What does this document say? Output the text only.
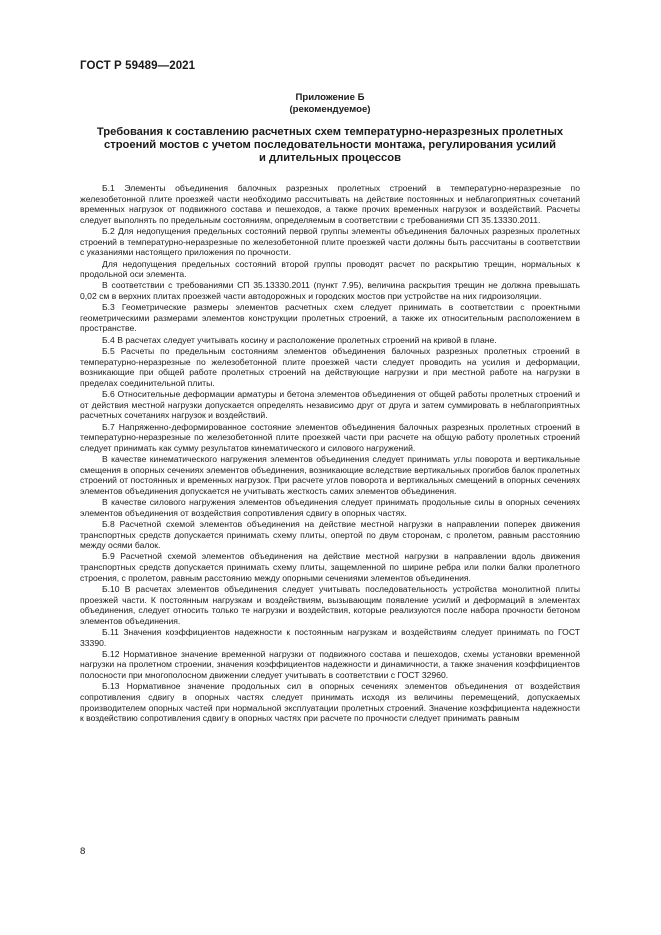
ГОСТ Р 59489—2021
Приложение Б
(рекомендуемое)
Требования к составлению расчетных схем температурно-неразрезных пролетных
строений мостов с учетом последовательности монтажа, регулирования усилий
и длительных процессов

Б.1 Элементы объединения балочных разрезных пролетных строений в температурно-неразрезные по железобетонной плите проезжей части необходимо рассчитывать на действие постоянных и неблагоприятных сочетаний временных нагрузок от подвижного состава и пешеходов, а также прочих временных нагрузок и воздействий. Расчеты следует выполнять по предельным состояниям, определяемым в соответствии с требованиями СП 35.13330.2011.

Б.2 Для недопущения предельных состояний первой группы элементы объединения балочных разрезных пролетных строений в температурно-неразрезные по железобетонной плите проезжей части должны быть рассчитаны в соответствии с указаниями настоящего приложения по прочности.

Для недопущения предельных состояний второй группы проводят расчет по раскрытию трещин, нормальных к продольной оси элемента.

В соответствии с требованиями СП 35.13330.2011 (пункт 7.95), величина раскрытия трещин не должна превышать 0,02 см в верхних плитах проезжей части автодорожных и городских мостов при устройстве на них гидроизоляции.

Б.3 Геометрические размеры элементов расчетных схем следует принимать в соответствии с проектными геометрическими размерами элементов конструкции пролетных строений, а также их относительным расположением в пространстве.

Б.4 В расчетах следует учитывать косину и расположение пролетных строений на кривой в плане.

Б.5 Расчеты по предельным состояниям элементов объединения балочных разрезных пролетных строений в температурно-неразрезные по железобетонной плите проезжей части следует проводить на усилия и деформации, возникающие при общей работе пролетных строений на действующие нагрузки и при местной работе на нагрузки в пределах соединительной плиты.

Б.6 Относительные деформации арматуры и бетона элементов объединения от общей работы пролетных строений и от действия местной нагрузки допускается определять независимо друг от друга и затем суммировать в неблагоприятных расчетных сочетаниях нагрузок и воздействий.

Б.7 Напряженно-деформированное состояние элементов объединения балочных разрезных пролетных строений в температурно-неразрезные по железобетонной плите проезжей части при расчете на общую работу пролетных строений следует принимать как сумму результатов кинематического и силового нагружений.

В качестве кинематического нагружения элементов объединения следует принимать углы поворота и вертикальные смещения в опорных сечениях элементов объединения, возникающие вследствие вертикальных прогибов балок пролетных строений от постоянных и временных нагрузок. При расчете углов поворота и вертикальных смещений в опорных сечениях элементов объединения допускается не учитывать жесткость самих элементов объединения.

В качестве силового нагружения элементов объединения следует принимать продольные силы в опорных сечениях элементов объединения от воздействия сопротивления сдвигу в опорных частях.

Б.8 Расчетной схемой элементов объединения на действие местной нагрузки в направлении поперек движения транспортных средств допускается принимать схему плиты, опертой по двум сторонам, с пролетом, равным расстоянию между осями балок.

Б.9 Расчетной схемой элементов объединения на действие местной нагрузки в направлении вдоль движения транспортных средств допускается принимать схему плиты, защемленной по ширине ребра или полки балки пролетного строения, с пролетом, равным расстоянию между опорными сечениями элементов объединения.

Б.10 В расчетах элементов объединения следует учитывать последовательность устройства монолитной плиты проезжей части. К постоянным нагрузкам и воздействиям, вызывающим появление усилий и деформаций в элементах объединения, следует относить только те нагрузки и воздействия, которые реализуются после набора прочности бетоном элементов объединения.

Б.11 Значения коэффициентов надежности к постоянным нагрузкам и воздействиям следует принимать по ГОСТ 33390.

Б.12 Нормативное значение временной нагрузки от подвижного состава и пешеходов, схемы установки временной нагрузки на пролетном строении, значения коэффициентов надежности и динамичности, а также значения коэффициентов полосности при многополосном движении следует учитывать в соответствии с ГОСТ 32960.

Б.13 Нормативное значение продольных сил в опорных сечениях элементов объединения от воздействия сопротивления сдвигу в опорных частях следует принимать исходя из величины перемещений, допускаемых производителем опорных частей при нормальной эксплуатации пролетных строений. Значение коэффициента надежности к воздействию сопротивления сдвигу в опорных частях при расчете по прочности следует принимать равным

8
